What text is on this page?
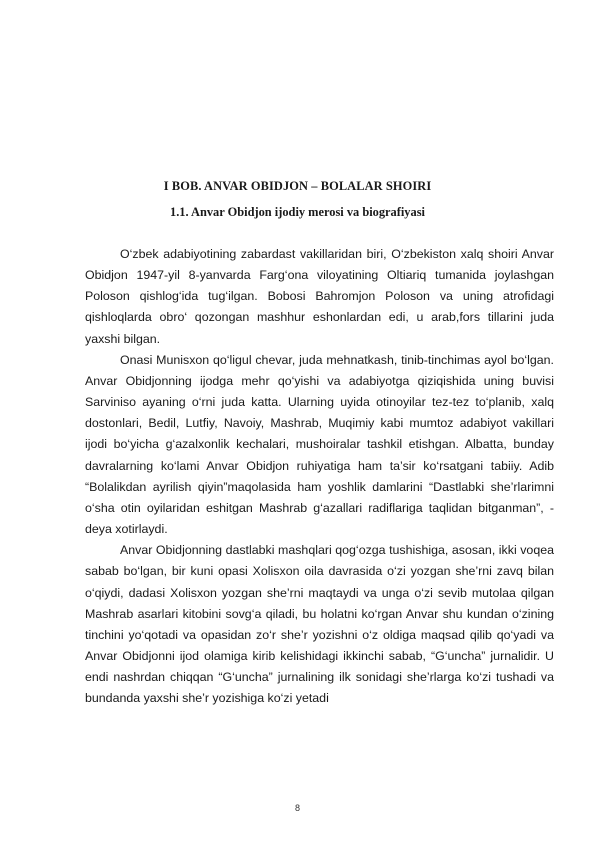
I BOB. ANVAR OBIDJON – BOLALAR SHOIRI
1.1. Anvar Obidjon ijodiy merosi va biografiyasi

O‘zbek adabiyotining zabardast vakillaridan biri, O‘zbekiston xalq shoiri Anvar Obidjon 1947-yil 8-yanvarda Farg‘ona viloyatining Oltiariq tumanida joylashgan Poloson qishlog‘ida tug‘ilgan. Bobosi Bahromjon Poloson va uning atrofidagi qishloqlarda obro‘ qozongan mashhur eshonlardan edi, u arab,fors tillarini juda yaxshi bilgan.

Onasi Munisxon qo‘ligul chevar, juda mehnatkash, tinib-tinchimas ayol bo‘lgan. Anvar Obidjonning ijodga mehr qo‘yishi va adabiyotga qiziqishida uning buvisi Sarviniso ayaning o‘rni juda katta. Ularning uyida otinoyilar tez-tez to‘planib, xalq dostonlari, Bedil, Lutfiy, Navoiy, Mashrab, Muqimiy kabi mumtoz adabiyot vakillari ijodi bo‘yicha g‘azalxonlik kechalari, mushoiralar tashkil etishgan. Albatta, bunday davralarning ko‘lami Anvar Obidjon ruhiyatiga ham ta’sir ko‘rsatgani tabiiy. Adib “Bolalikdan ayrilish qiyin”maqolasida ham yoshlik damlarini “Dastlabki she’rlarimni o‘sha otin oyilaridan eshitgan Mashrab g‘azallari radiflariga taqlidan bitganman”, - deya xotirlaydi.

Anvar Obidjonning dastlabki mashqlari qog‘ozga tushishiga, asosan, ikki voqea sabab bo‘lgan, bir kuni opasi Xolisxon oila davrasida o‘zi yozgan she’rni zavq bilan o‘qiydi, dadasi Xolisxon yozgan she’rni maqtaydi va unga o‘zi sevib mutolaa qilgan Mashrab asarlari kitobini sovg‘a qiladi, bu holatni ko‘rgan Anvar shu kundan o‘zining tinchini yo‘qotadi va opasidan zo‘r she’r yozishni o‘z oldiga maqsad qilib qo‘yadi va Anvar Obidjonni ijod olamiga kirib kelishidagi ikkinchi sabab, “G‘uncha” jurnalidir. U endi nashrdan chiqqan “G‘uncha” jurnalining ilk sonidagi she’rlarga ko‘zi tushadi va bundanda yaxshi she’r yozishiga ko‘zi yetadi

8
